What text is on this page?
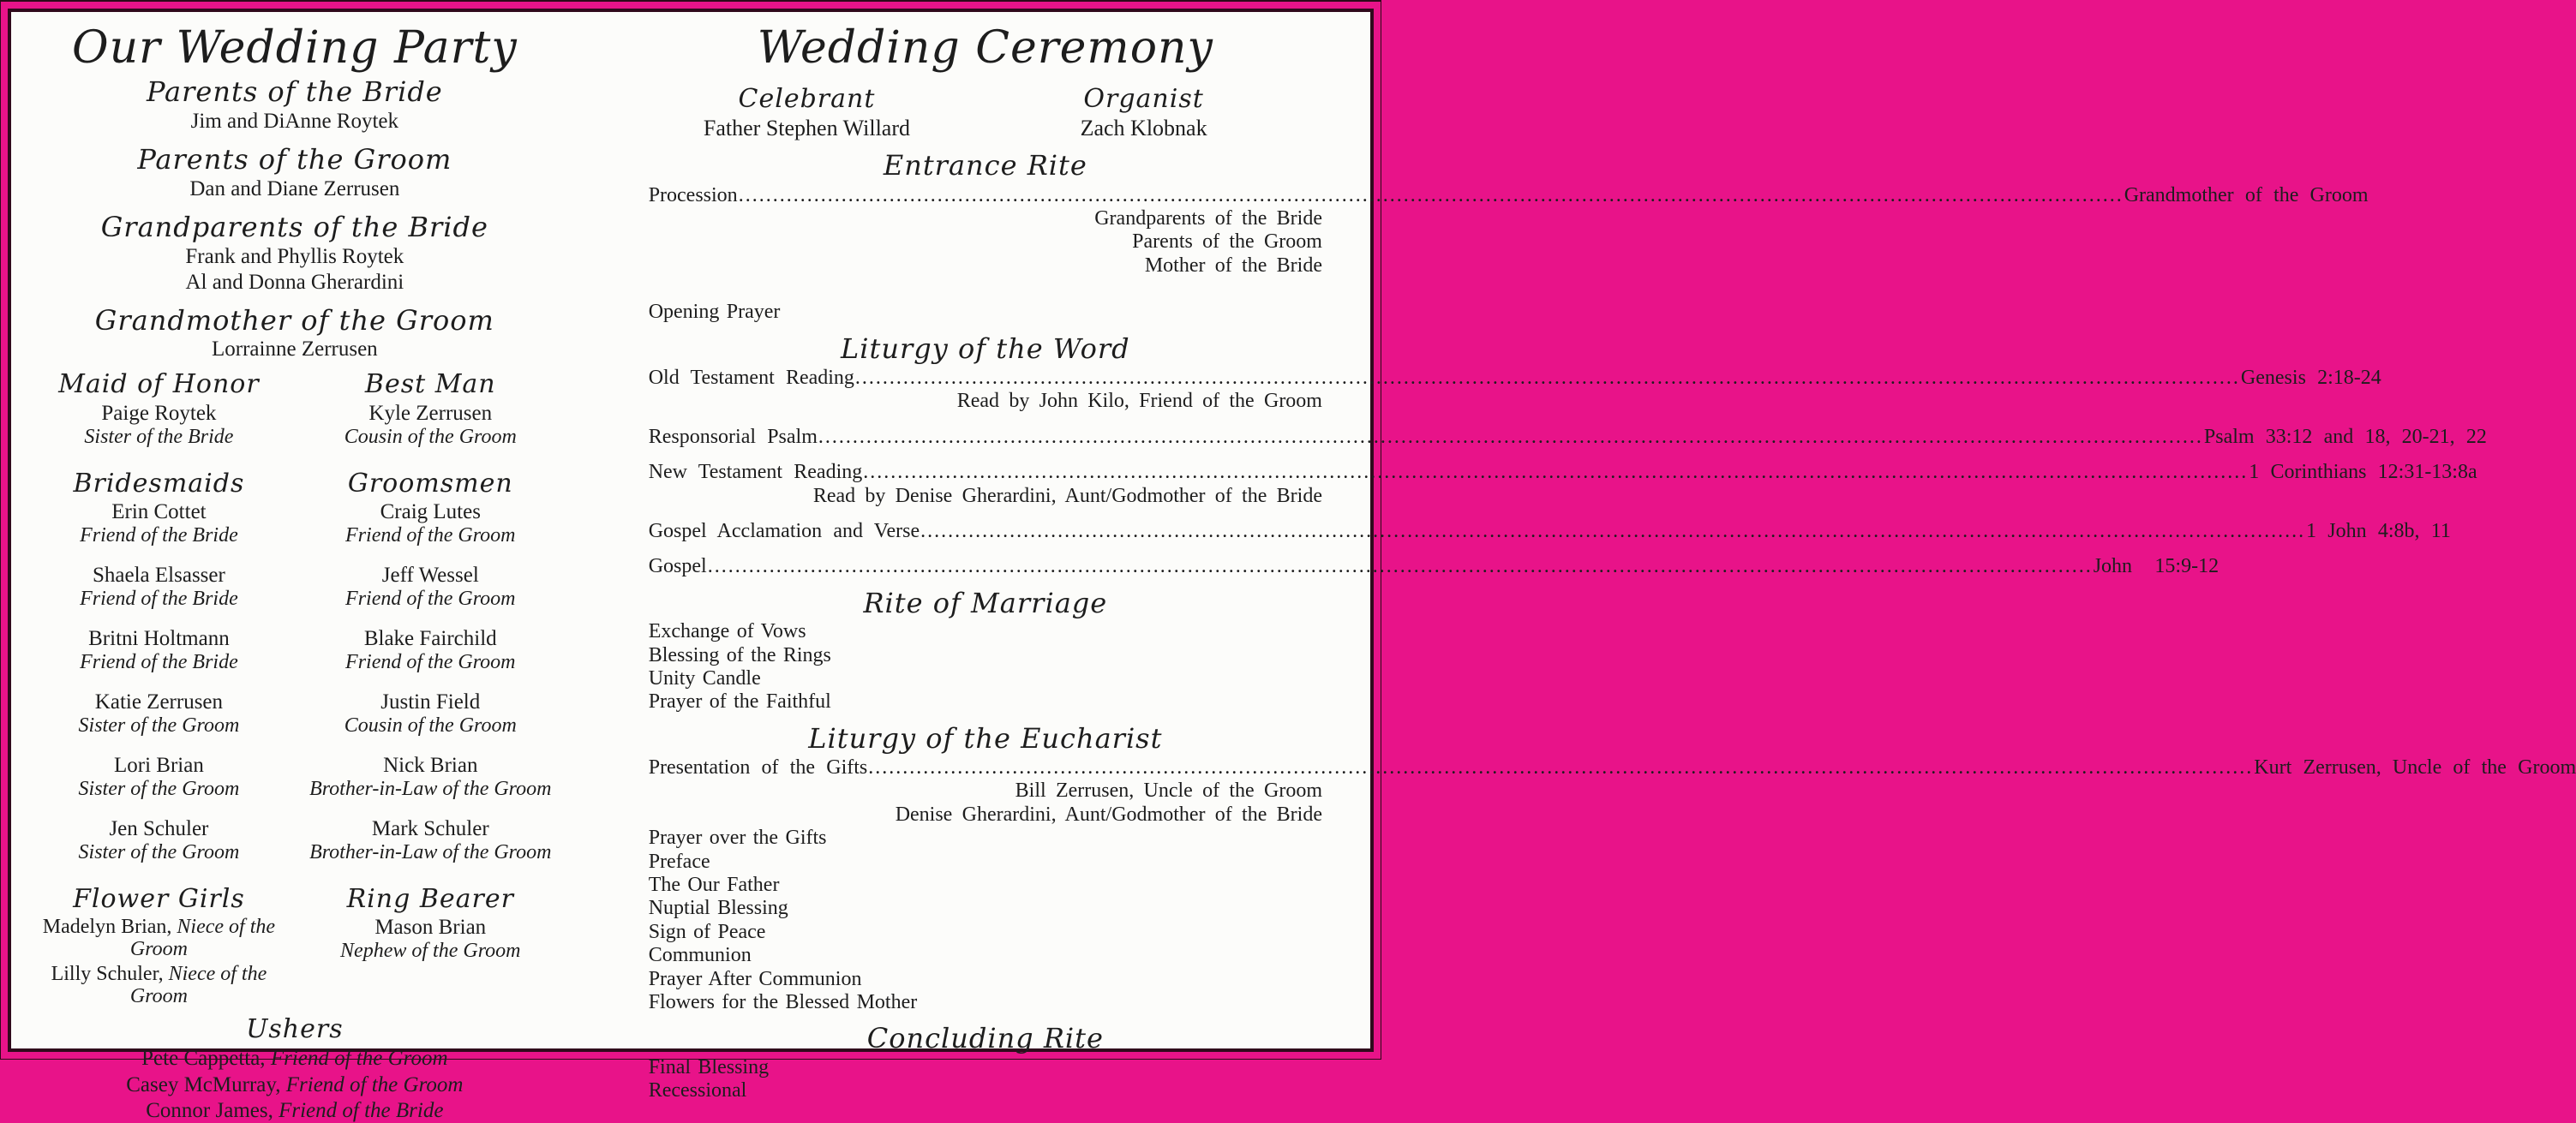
Our Wedding Party
Parents of the Bride

Jim and DiAnne Roytek

Parents of the Groom

Dan and Diane Zerrusen

Grandparents of the Bride

Frank and Phyllis Roytek

Al and Donna Gherardini

Grandmother of the Groom

Lorrainne Zerrusen

Maid of Honor

Paige Roytek

Sister of the Bride

Bridesmaids

Erin Cottet

Friend of the Bride

Shaela Elsasser

Friend of the Bride

Britni Holtmann

Friend of the Bride

Katie Zerrusen

Sister of the Groom

Lori Brian

Sister of the Groom

Jen Schuler

Sister of the Groom

Flower Girls

Madelyn Brian, Niece of the Groom

Lilly Schuler, Niece of the Groom

Best Man

Kyle Zerrusen

Cousin of the Groom

Groomsmen

Craig Lutes

Friend of the Groom

Jeff Wessel

Friend of the Groom

Blake Fairchild

Friend of the Groom

Justin Field

Cousin of the Groom

Nick Brian

Brother-in-Law of the Groom

Mark Schuler

Brother-in-Law of the Groom

Ring Bearer

Mason Brian

Nephew of the Groom

Ushers

Pete Cappetta, Friend of the Groom

Casey McMurray, Friend of the Groom

Connor James, Friend of the Bride

Wedding Ceremony
Celebrant

Father Stephen Willard

Organist

Zach Klobnak

Entrance Rite
Procession .....	Grandmother of the Groom

Grandparents of the Bride

Parents of the Groom

Mother of the Bride

Opening Prayer

Liturgy of the Word
Old Testament Reading .....	Genesis 2:18-24

Read by John Kilo, Friend of the Groom

Responsorial Psalm .....	Psalm 33:12 and 18, 20-21, 22
New Testament Reading .....	1 Corinthians 12:31-13:8a

Read by Denise Gherardini, Aunt/Godmother of the Bride

Gospel Acclamation and Verse .....	1 John 4:8b, 11
Gospel .....	John  15:9-12
Rite of Marriage

Exchange of Vows

Blessing of the Rings

Unity Candle

Prayer of the Faithful

Liturgy of the Eucharist
Presentation of the Gifts .....	Kurt Zerrusen, Uncle of the Groom

Bill Zerrusen, Uncle of the Groom

Denise Gherardini, Aunt/Godmother of the Bride

Prayer over the Gifts

Preface

The Our Father

Nuptial Blessing

Sign of Peace

Communion

Prayer After Communion

Flowers for the Blessed Mother

Concluding Rite

Final Blessing

Recessional
